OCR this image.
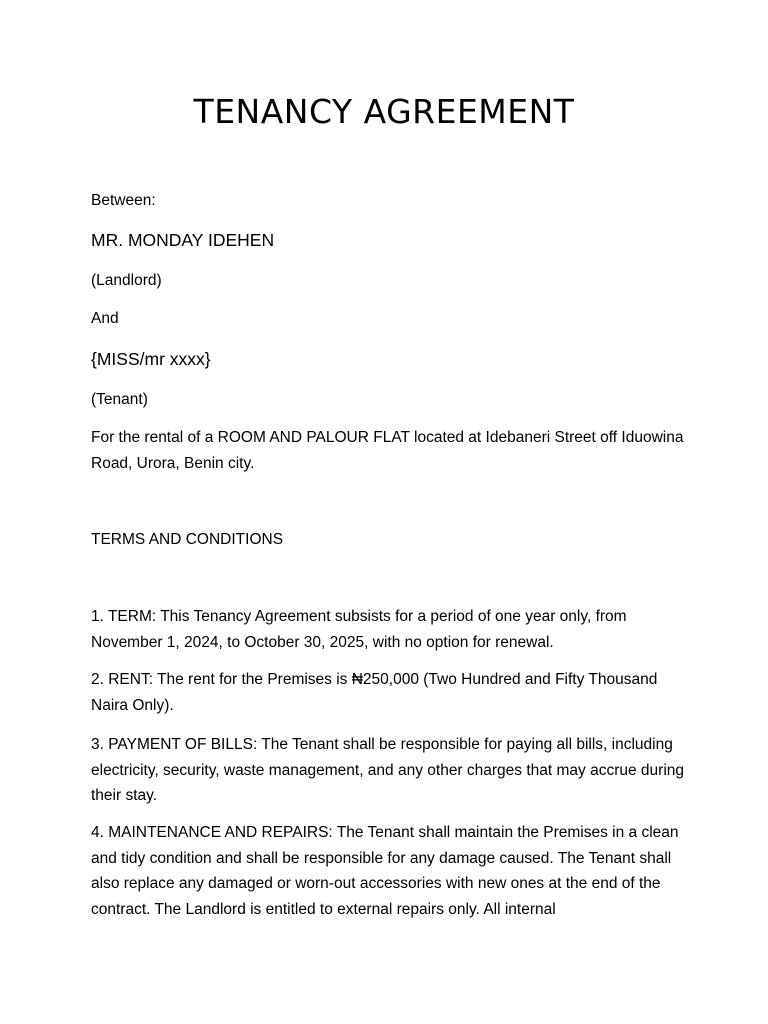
TENANCY AGREEMENT

Between:

MR. MONDAY IDEHEN

(Landlord)

And

{MISS/mr xxxx}

(Tenant)

For the rental of a ROOM AND PALOUR FLAT located at Idebaneri Street off Iduowina Road, Urora, Benin city.

TERMS AND CONDITIONS

1. TERM: This Tenancy Agreement subsists for a period of one year only, from November 1, 2024, to October 30, 2025, with no option for renewal.

2. RENT: The rent for the Premises is ₦250,000 (Two Hundred and Fifty Thousand Naira Only).

3. PAYMENT OF BILLS: The Tenant shall be responsible for paying all bills, including electricity, security, waste management, and any other charges that may accrue during their stay.

4. MAINTENANCE AND REPAIRS: The Tenant shall maintain the Premises in a clean and tidy condition and shall be responsible for any damage caused. The Tenant shall also replace any damaged or worn-out accessories with new ones at the end of the contract. The Landlord is entitled to external repairs only. All internal
